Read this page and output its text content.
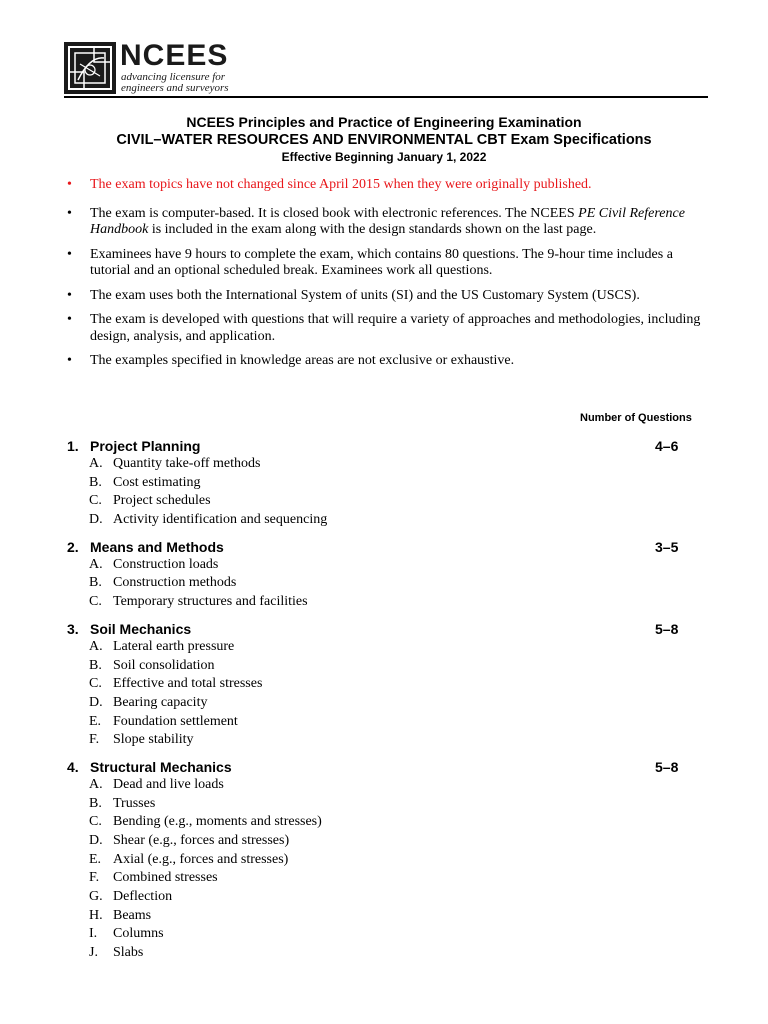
NCEES
advancing licensure for
engineers and surveyors
NCEES Principles and Practice of Engineering Examination
CIVIL–WATER RESOURCES AND ENVIRONMENTAL CBT Exam Specifications
Effective Beginning January 1, 2022
• The exam topics have not changed since April 2015 when they were originally published.
• The exam is computer-based. It is closed book with electronic references. The NCEES PE Civil Reference Handbook is included in the exam along with the design standards shown on the last page.
• Examinees have 9 hours to complete the exam, which contains 80 questions. The 9-hour time includes a tutorial and an optional scheduled break. Examinees work all questions.
• The exam uses both the International System of units (SI) and the US Customary System (USCS).
• The exam is developed with questions that will require a variety of approaches and methodologies, including design, analysis, and application.
• The examples specified in knowledge areas are not exclusive or exhaustive.
Number of Questions
1. Project Planning	4–6
A. Quantity take-off methods
B. Cost estimating
C. Project schedules
D. Activity identification and sequencing
2. Means and Methods	3–5
A. Construction loads
B. Construction methods
C. Temporary structures and facilities
3. Soil Mechanics	5–8
A. Lateral earth pressure
B. Soil consolidation
C. Effective and total stresses
D. Bearing capacity
E. Foundation settlement
F. Slope stability
4. Structural Mechanics	5–8
A. Dead and live loads
B. Trusses
C. Bending (e.g., moments and stresses)
D. Shear (e.g., forces and stresses)
E. Axial (e.g., forces and stresses)
F. Combined stresses
G. Deflection
H. Beams
I. Columns
J. Slabs
